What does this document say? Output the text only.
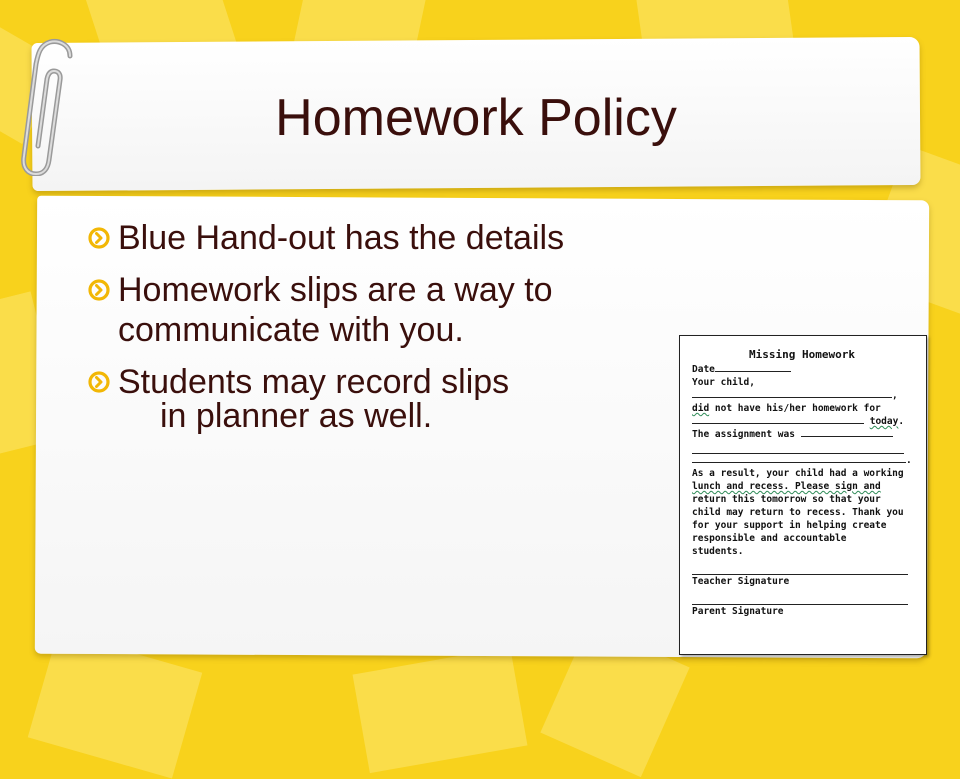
Homework Policy
Blue Hand-out has the details
Homework slips are a way to
communicate with you.
Students may record slips
in planner as well.
Missing Homework
Date
Your child,
,
did not have his/her homework for
today.
The assignment was
.
As a result, your child had a working
lunch and recess. Please sign and
return this tomorrow so that your
child may return to recess. Thank you
for your support in helping create
responsible and accountable
students.
Teacher Signature
Parent Signature
